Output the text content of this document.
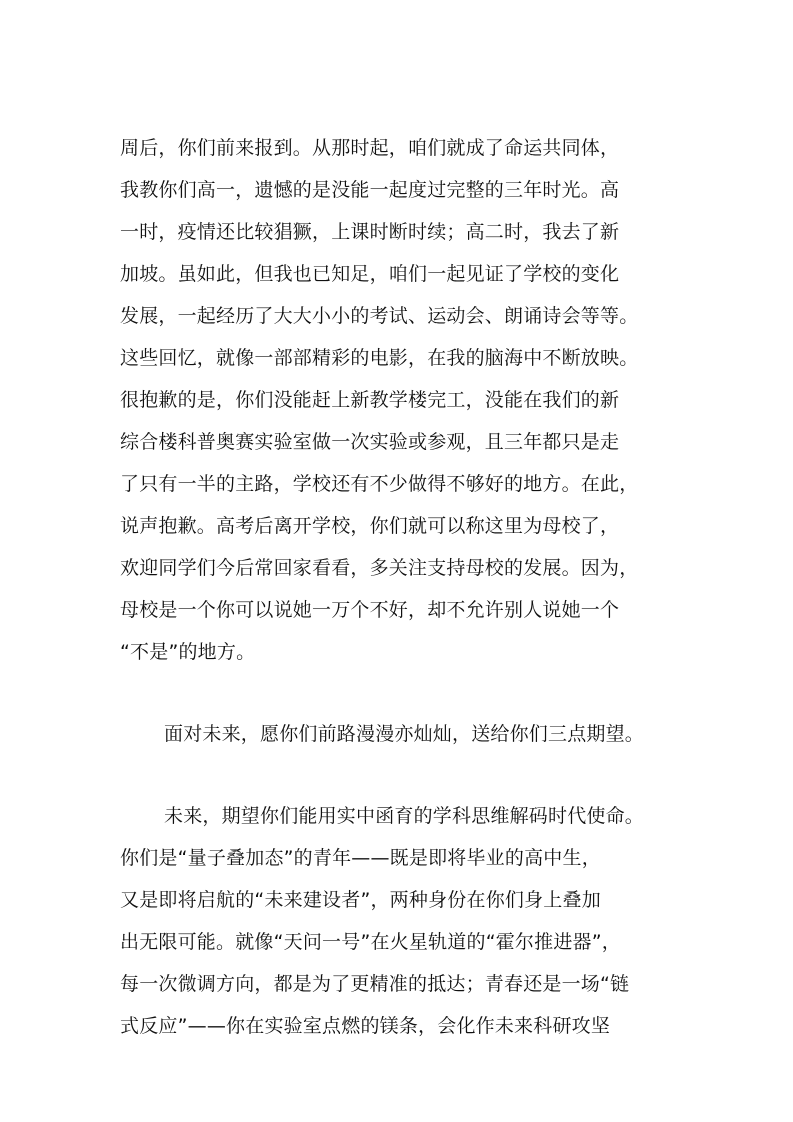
周后，你们前来报到。从那时起，咱们就成了命运共同体，
我教你们高一，遗憾的是没能一起度过完整的三年时光。高
一时，疫情还比较猖獗，上课时断时续；高二时，我去了新
加坡。虽如此，但我也已知足，咱们一起见证了学校的变化
发展，一起经历了大大小小的考试、运动会、朗诵诗会等等。
这些回忆，就像一部部精彩的电影，在我的脑海中不断放映。
很抱歉的是，你们没能赶上新教学楼完工，没能在我们的新
综合楼科普奥赛实验室做一次实验或参观，且三年都只是走
了只有一半的主路，学校还有不少做得不够好的地方。在此，
说声抱歉。高考后离开学校，你们就可以称这里为母校了，
欢迎同学们今后常回家看看，多关注支持母校的发展。因为，
母校是一个你可以说她一万个不好，却不允许别人说她一个
“不是”的地方。
面对未来，愿你们前路漫漫亦灿灿，送给你们三点期望。
未来，期望你们能用实中函育的学科思维解码时代使命。
你们是“量子叠加态”的青年——既是即将毕业的高中生，
又是即将启航的“未来建设者”，两种身份在你们身上叠加
出无限可能。就像“天问一号”在火星轨道的“霍尔推进器”，
每一次微调方向，都是为了更精准的抵达；青春还是一场“链
式反应”——你在实验室点燃的镁条，会化作未来科研攻坚
